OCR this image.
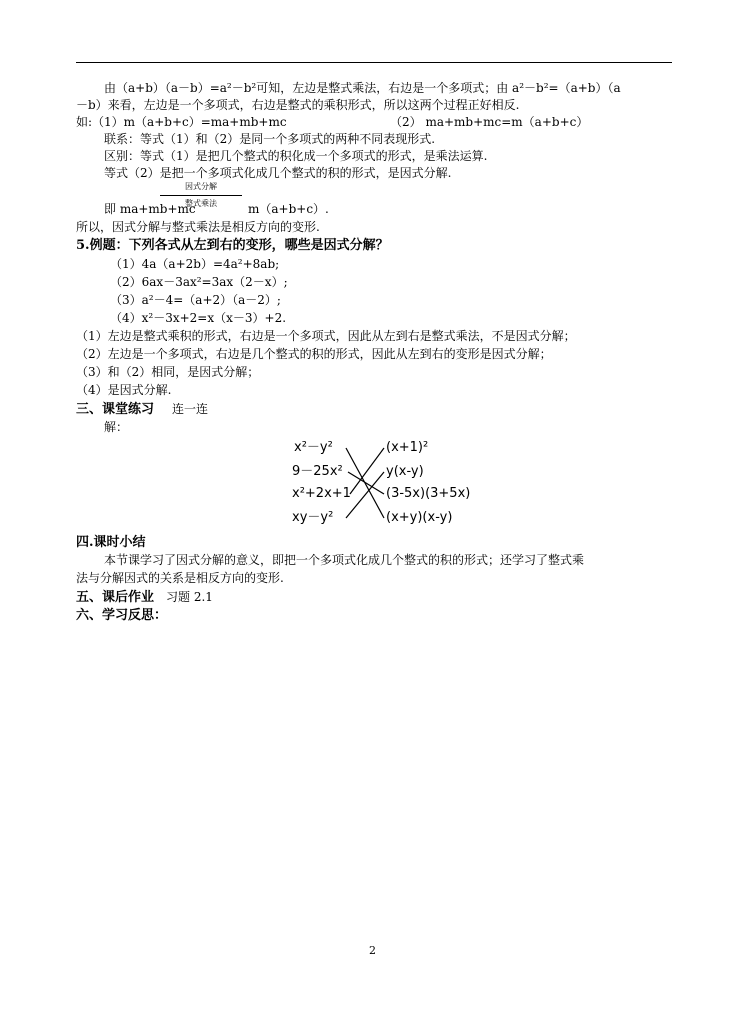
由（a+b）（a－b）=a²－b²可知，左边是整式乘法，右边是一个多项式；由 a²－b²=（a+b）（a
－b）来看，左边是一个多项式，右边是整式的乘积形式，所以这两个过程正好相反.
如:（1）m（a+b+c）=ma+mb+mc	（2） ma+mb+mc=m（a+b+c）
联系：等式（1）和（2）是同一个多项式的两种不同表现形式.
区别：等式（1）是把几个整式的积化成一个多项式的形式，是乘法运算.
等式（2）是把一个多项式化成几个整式的积的形式，是因式分解.
即 ma+mb+mc
因式分解
整式乘法	m（a+b+c）.
所以，因式分解与整式乘法是相反方向的变形.
5.例题：下列各式从左到右的变形，哪些是因式分解？
（1）4a（a+2b）=4a²+8ab;
（2）6ax－3ax²=3ax（2－x）;
（3）a²－4=（a+2）（a－2）;
（4）x²－3x+2=x（x－3）+2.
（1）左边是整式乘积的形式，右边是一个多项式，因此从左到右是整式乘法，不是因式分解；
（2）左边是一个多项式，右边是几个整式的积的形式，因此从左到右的变形是因式分解；
（3）和（2）相同，是因式分解；
（4）是因式分解.
三、课堂练习	连一连
解：
x²－y²
9－25x²
x²+2x+1
xy－y²
(x+1)²
y(x-y)
(3-5x)(3+5x)
(x+y)(x-y)
四.课时小结
本节课学习了因式分解的意义，即把一个多项式化成几个整式的积的形式；还学习了整式乘
法与分解因式的关系是相反方向的变形.
五、课后作业 习题 2.1
六、学习反思：
2
